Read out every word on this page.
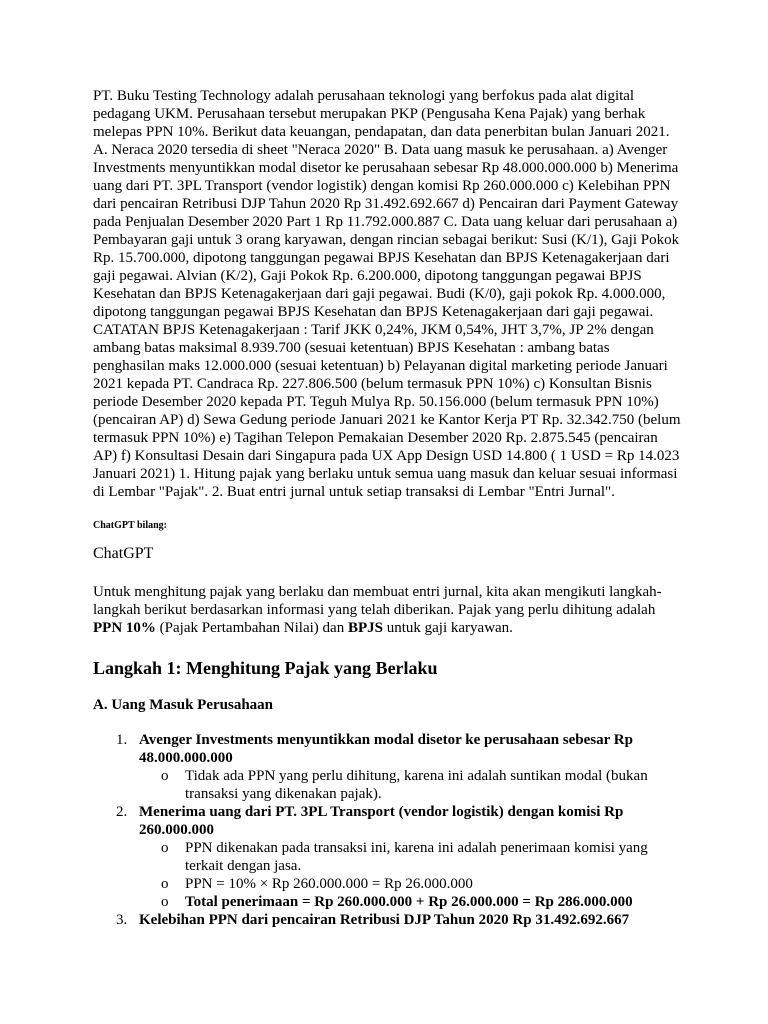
PT. Buku Testing Technology adalah perusahaan teknologi yang berfokus pada alat digital pedagang UKM. Perusahaan tersebut merupakan PKP (Pengusaha Kena Pajak) yang berhak melepas PPN 10%. Berikut data keuangan, pendapatan, dan data penerbitan bulan Januari 2021. A. Neraca 2020 tersedia di sheet "Neraca 2020" B. Data uang masuk ke perusahaan. a) Avenger Investments menyuntikkan modal disetor ke perusahaan sebesar Rp 48.000.000.000 b) Menerima uang dari PT. 3PL Transport (vendor logistik) dengan komisi Rp 260.000.000 c) Kelebihan PPN dari pencairan Retribusi DJP Tahun 2020 Rp 31.492.692.667 d) Pencairan dari Payment Gateway pada Penjualan Desember 2020 Part 1 Rp 11.792.000.887 C. Data uang keluar dari perusahaan a) Pembayaran gaji untuk 3 orang karyawan, dengan rincian sebagai berikut: Susi (K/1), Gaji Pokok Rp. 15.700.000, dipotong tanggungan pegawai BPJS Kesehatan dan BPJS Ketenagakerjaan dari gaji pegawai. Alvian (K/2), Gaji Pokok Rp. 6.200.000, dipotong tanggungan pegawai BPJS Kesehatan dan BPJS Ketenagakerjaan dari gaji pegawai. Budi (K/0), gaji pokok Rp. 4.000.000, dipotong tanggungan pegawai BPJS Kesehatan dan BPJS Ketenagakerjaan dari gaji pegawai. CATATAN BPJS Ketenagakerjaan : Tarif JKK 0,24%, JKM 0,54%, JHT 3,7%, JP 2% dengan ambang batas maksimal 8.939.700 (sesuai ketentuan) BPJS Kesehatan : ambang batas penghasilan maks 12.000.000 (sesuai ketentuan) b) Pelayanan digital marketing periode Januari 2021 kepada PT. Candraca Rp. 227.806.500 (belum termasuk PPN 10%) c) Konsultan Bisnis periode Desember 2020 kepada PT. Teguh Mulya Rp. 50.156.000 (belum termasuk PPN 10%) (pencairan AP) d) Sewa Gedung periode Januari 2021 ke Kantor Kerja PT Rp. 32.342.750 (belum termasuk PPN 10%) e) Tagihan Telepon Pemakaian Desember 2020 Rp. 2.875.545 (pencairan AP) f) Konsultasi Desain dari Singapura pada UX App Design USD 14.800 ( 1 USD = Rp 14.023 Januari 2021) 1. Hitung pajak yang berlaku untuk semua uang masuk dan keluar sesuai informasi di Lembar "Pajak". 2. Buat entri jurnal untuk setiap transaksi di Lembar "Entri Jurnal".

ChatGPT bilang:

ChatGPT

Untuk menghitung pajak yang berlaku dan membuat entri jurnal, kita akan mengikuti langkah-langkah berikut berdasarkan informasi yang telah diberikan. Pajak yang perlu dihitung adalah PPN 10% (Pajak Pertambahan Nilai) dan BPJS untuk gaji karyawan.

Langkah 1: Menghitung Pajak yang Berlaku
A. Uang Masuk Perusahaan
1. Avenger Investments menyuntikkan modal disetor ke perusahaan sebesar Rp 48.000.000.000
o Tidak ada PPN yang perlu dihitung, karena ini adalah suntikan modal (bukan transaksi yang dikenakan pajak).
2. Menerima uang dari PT. 3PL Transport (vendor logistik) dengan komisi Rp 260.000.000
o PPN dikenakan pada transaksi ini, karena ini adalah penerimaan komisi yang terkait dengan jasa.
o PPN = 10% × Rp 260.000.000 = Rp 26.000.000
o Total penerimaan = Rp 260.000.000 + Rp 26.000.000 = Rp 286.000.000
3. Kelebihan PPN dari pencairan Retribusi DJP Tahun 2020 Rp 31.492.692.667
